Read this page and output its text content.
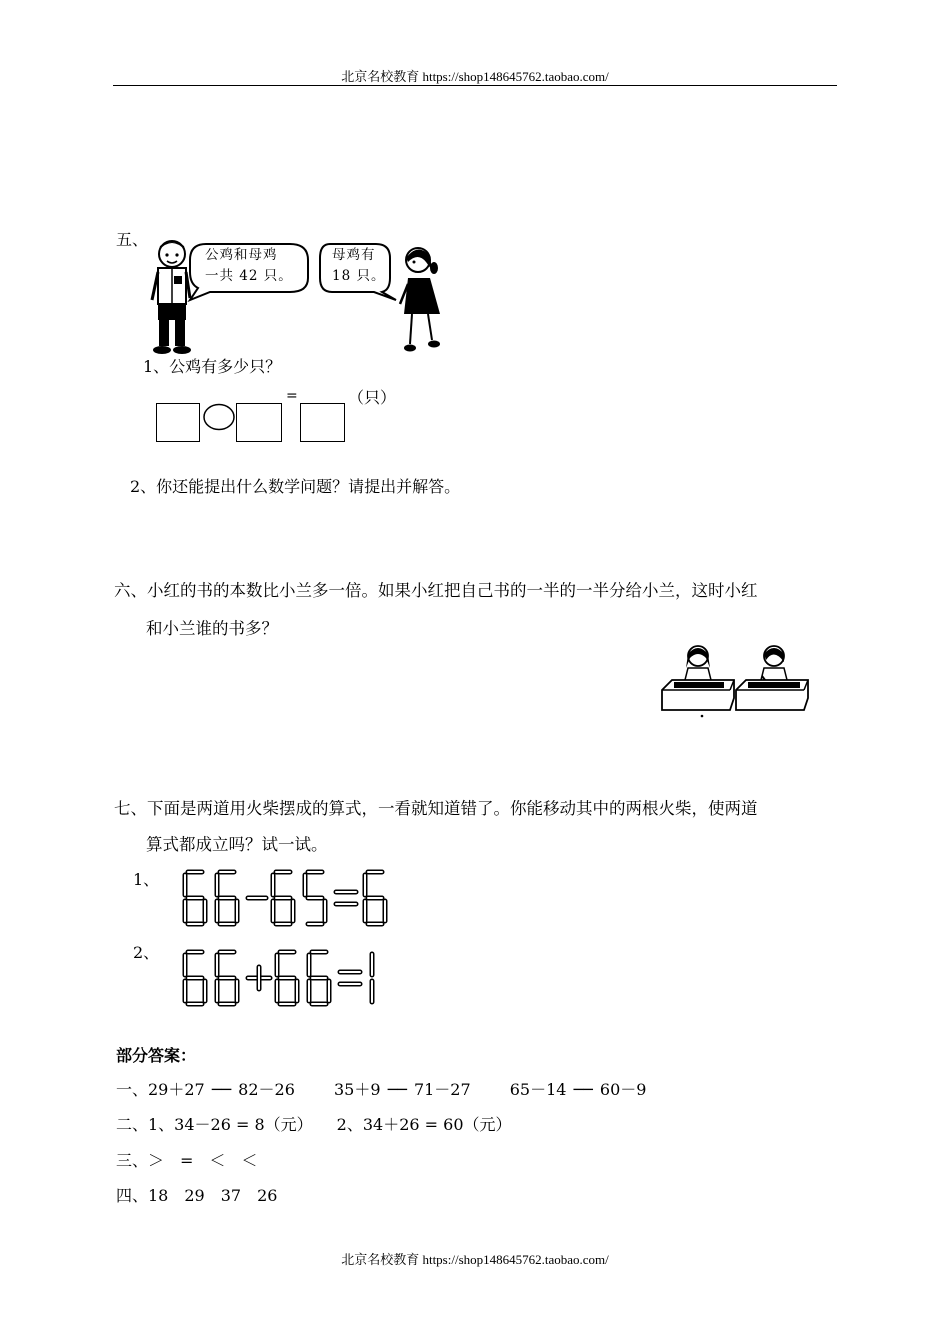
北京名校教育 https://shop148645762.taobao.com/
五、
公鸡和母鸡
一共 42 只。
母鸡有
18 只。
1、公鸡有多少只？
=	（只）
2、你还能提出什么数学问题？请提出并解答。
六、小红的书的本数比小兰多一倍。如果小红把自己书的一半的一半分给小兰，这时小红
和小兰谁的书多？
七、下面是两道用火柴摆成的算式，一看就知道错了。你能移动其中的两根火柴，使两道
算式都成立吗？试一试。
1、
2、
部分答案：
一、29＋27 ── 82－26　　 35＋9 ── 71－27　　 65－14 ── 60－9
二、1、34－26 = 8（元）　　2、34＋26 = 60（元）
三、＞　=　＜　＜
四、18　29　37　26
北京名校教育 https://shop148645762.taobao.com/
